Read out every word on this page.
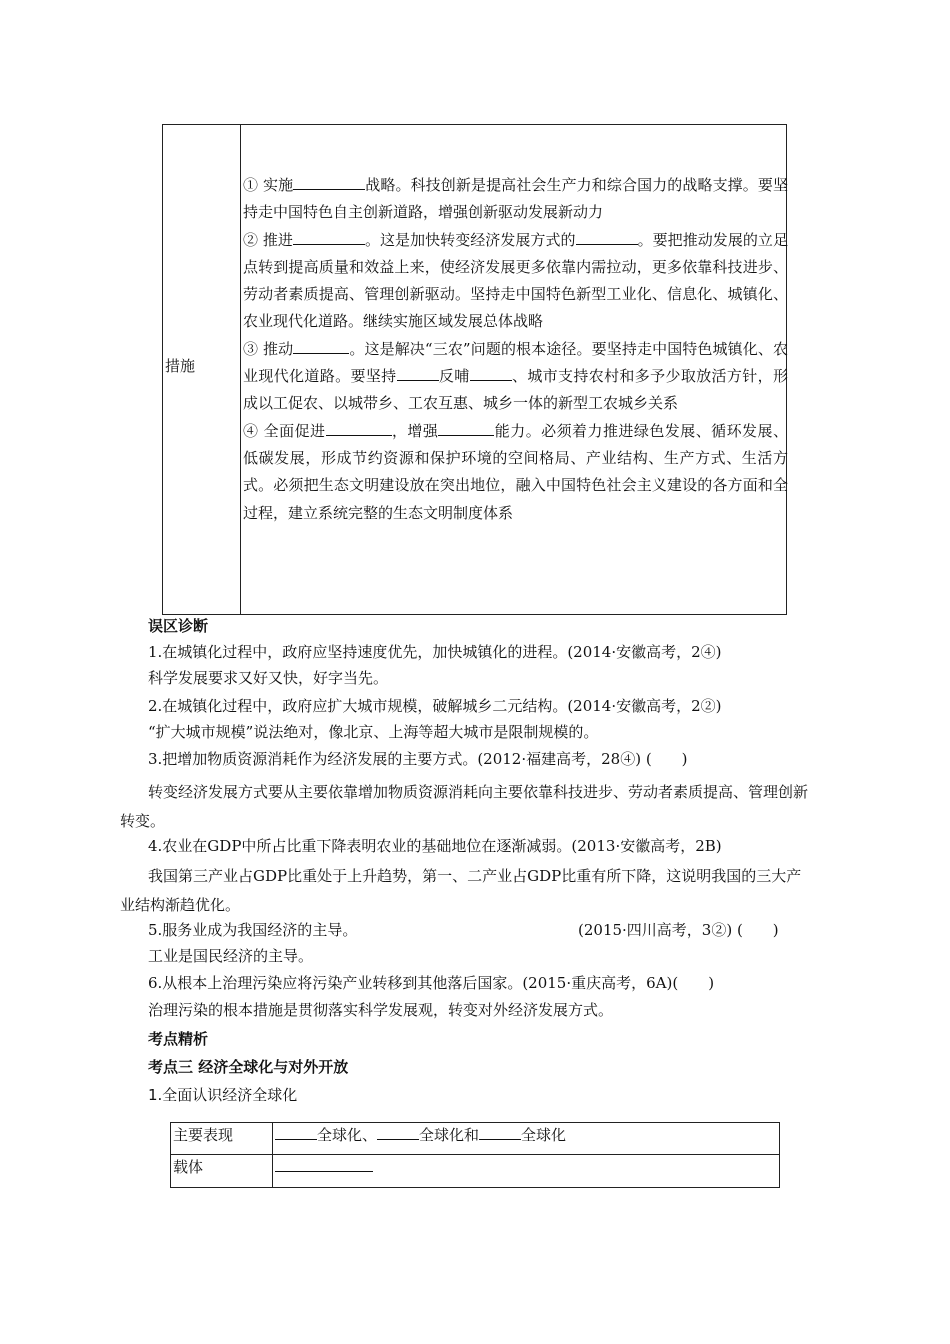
措施

① 实施	战略。科技创新是提高社会生产力和综合国力的战略支撑。要坚持走中国特色自主创新道路，增强创新驱动发展新动力

② 推进	。这是加快转变经济发展方式的	。要把推动发展的立足点转到提高质量和效益上来，使经济发展更多依靠内需拉动，更多依靠科技进步、劳动者素质提高、管理创新驱动。坚持走中国特色新型工业化、信息化、城镇化、农业现代化道路。继续实施区域发展总体战略

③ 推动	。这是解决“三农”问题的根本途径。要坚持走中国特色城镇化、农业现代化道路。要坚持	反哺	、城市支持农村和多予少取放活方针，形成以工促农、以城带乡、工农互惠、城乡一体的新型工农城乡关系

④ 全面促进	，增强	能力。必须着力推进绿色发展、循环发展、低碳发展，形成节约资源和保护环境的空间格局、产业结构、生产方式、生活方式。必须把生态文明建设放在突出地位，融入中国特色社会主义建设的各方面和全过程，建立系统完整的生态文明制度体系

误区诊断
1.在城镇化过程中，政府应坚持速度优先，加快城镇化的进程。(2014·安徽高考，2④)
科学发展要求又好又快，好字当先。
2.在城镇化过程中，政府应扩大城市规模，破解城乡二元结构。(2014·安徽高考，2②)
“扩大城市规模”说法绝对，像北京、上海等超大城市是限制规模的。
3.把增加物质资源消耗作为经济发展的主要方式。(2012·福建高考，28④) (　　)
转变经济发展方式要从主要依靠增加物质资源消耗向主要依靠科技进步、劳动者素质提高、管理创新转变。
4.农业在GDP中所占比重下降表明农业的基础地位在逐渐减弱。(2013·安徽高考，2B)
我国第三产业占GDP比重处于上升趋势，第一、二产业占GDP比重有所下降，这说明我国的三大产业结构渐趋优化。
5.服务业成为我国经济的主导。	(2015·四川高考，3②) (　　)
工业是国民经济的主导。
6.从根本上治理污染应将污染产业转移到其他落后国家。(2015·重庆高考，6A)(　　)
治理污染的根本措施是贯彻落实科学发展观，转变对外经济发展方式。
考点精析
考点三 经济全球化与对外开放
1.全面认识经济全球化
主要表现	全球化、	全球化和	全球化
载体
